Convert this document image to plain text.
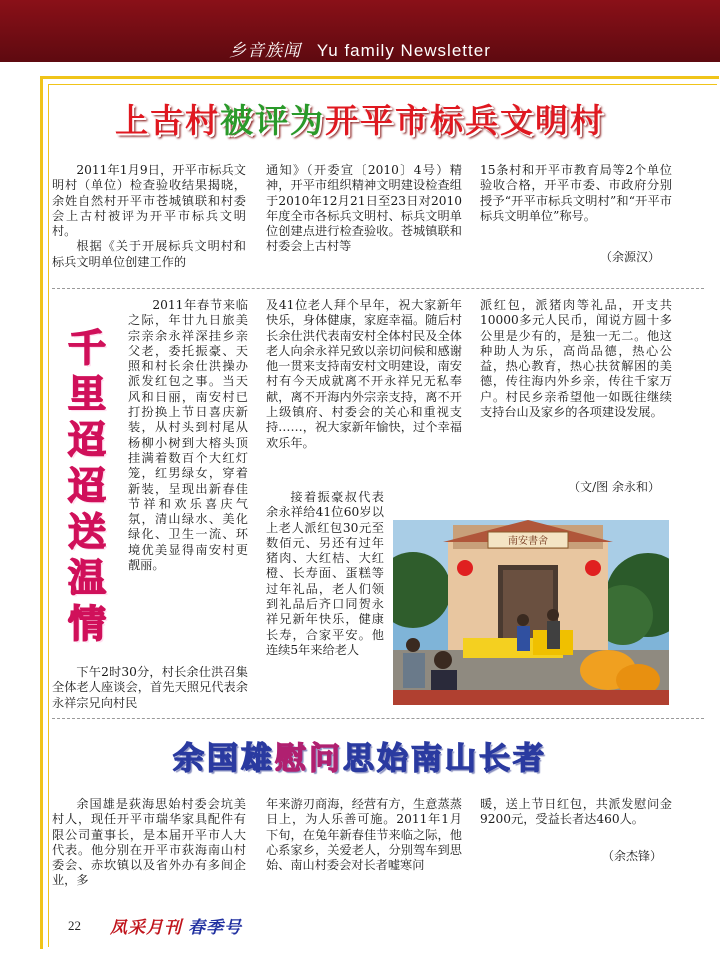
乡音族闻 Yu family Newsletter
上古村被评为开平市标兵文明村

2011年1月9日，开平市标兵文明村（单位）检查验收结果揭晓，余姓自然村开平市苍城镇联和村委会上古村被评为开平市标兵文明村。

根据《关于开展标兵文明村和标兵文明单位创建工作的

通知》（开委宣〔2010〕4号）精神，开平市组织精神文明建设检查组于2010年12月21日至23日对2010年度全市各标兵文明村、标兵文明单位创建点进行检查验收。苍城镇联和村委会上古村等

15条村和开平市教育局等2个单位验收合格，开平市委、市政府分别授予“开平市标兵文明村”和“开平市标兵文明单位”称号。

（余源汉）
千
里
迢
迢
送
温
情

2011年春节来临之际，年廿九日旅美宗亲余永祥深挂乡亲父老，委托振豪、天照和村长余仕洪操办派发红包之事。当天风和日丽，南安村已打扮换上节日喜庆新装，从村头到村尾从杨柳小树到大榕头顶挂满着数百个大红灯笼，红男绿女，穿着新装，呈现出新春佳节祥和欢乐喜庆气氛，清山绿水、美化绿化、卫生一流、环境优美显得南安村更靓丽。

下午2时30分，村长余仕洪召集全体老人座谈会，首先天照兄代表余永祥宗兄向村民

及41位老人拜个早年，祝大家新年快乐，身体健康，家庭幸福。随后村长余仕洪代表南安村全体村民及全体老人向余永祥兄致以亲切问候和感谢他一贯来支持南安村文明建设，南安村有今天成就离不开永祥兄无私奉献，离不开海内外宗亲支持，离不开上级镇府、村委会的关心和重视支持……，祝大家新年愉快，过个幸福欢乐年。

接着振豪叔代表余永祥给41位60岁以上老人派红包30元至数佰元、另还有过年猪肉、大红桔、大红橙、长寿面、蛋糕等过年礼品，老人们领到礼品后齐口同贺永祥兄新年快乐，健康长寿，合家平安。他连续5年来给老人

派红包，派猪肉等礼品，开支共10000多元人民币，闻说方圆十多公里是少有的，是独一无二。他这种助人为乐，高尚品德，热心公益，热心教育，热心扶贫解困的美德，传往海内外乡亲，传往千家万户。村民乡亲希望他一如既往继续支持台山及家乡的各项建设发展。

（文/图 余永和）
南安書舍
余国雄慰问思始南山长者

余国雄是荻海思始村委会坑美村人，现任开平市瑞华家具配件有限公司董事长，是本届开平市人大代表。他分别在开平市荻海南山村委会、赤坎镇以及省外办有多间企业，多

年来游刃商海，经营有方，生意蒸蒸日上，为人乐善可施。2011年1月下旬，在兔年新春佳节来临之际，他心系家乡，关爱老人，分别驾车到思始、南山村委会对长者嘘寒问

暖，送上节日红包，共派发慰问金9200元，受益长者达460人。

（余杰锋）
22 凤采月刊 春季号
